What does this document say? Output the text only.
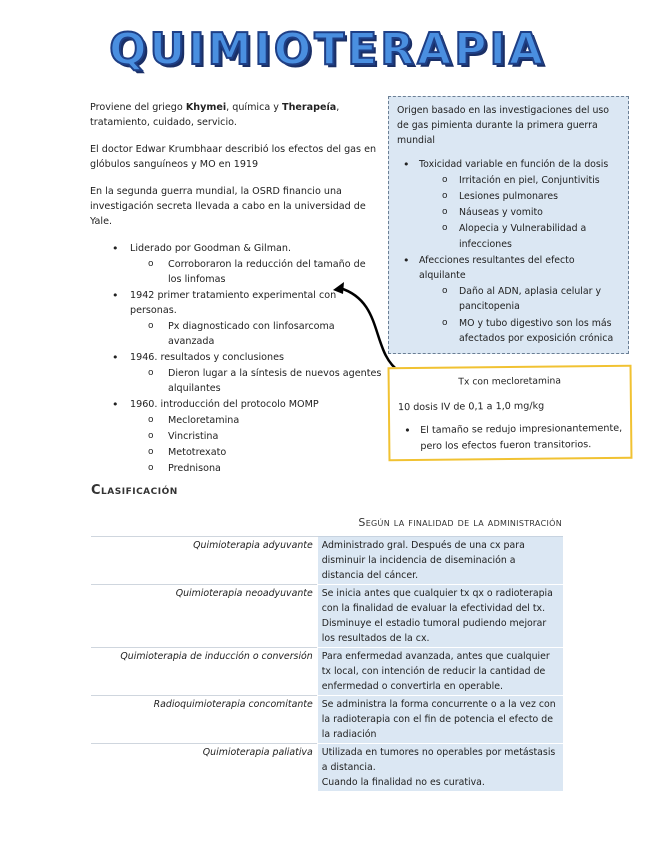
QUIMIOTERAPIA

Proviene del griego Khymei, química y Therapeía, tratamiento, cuidado, servicio.

El doctor Edwar Krumbhaar describió los efectos del gas en glóbulos sanguíneos y MO en 1919

En la segunda guerra mundial, la OSRD financio una investigación secreta llevada a cabo en la universidad de Yale.

• Liderado por Goodman & Gilman.
o Corroboraron la reducción del tamaño de los linfomas
• 1942 primer tratamiento experimental con personas.
o Px diagnosticado con linfosarcoma avanzada
• 1946. resultados y conclusiones
o Dieron lugar a la síntesis de nuevos agentes alquilantes
• 1960. introducción del protocolo MOMP
o Mecloretamina
o Vincristina
o Metotrexato
o Prednisona

Origen basado en las investigaciones del uso de gas pimienta durante la primera guerra mundial

• Toxicidad variable en función de la dosis
o Irritación en piel, Conjuntivitis
o Lesiones pulmonares
o Náuseas y vomito
o Alopecia y Vulnerabilidad a infecciones
• Afecciones resultantes del efecto alquilante
o Daño al ADN, aplasia celular y pancitopenia
o MO y tubo digestivo son los más afectados por exposición crónica
Tx con mecloretamina
10 dosis IV de 0,1 a 1,0 mg/kg
• El tamaño se redujo impresionantemente, pero los efectos fueron transitorios.
Clasificación
Según la finalidad de la administración
Quimioterapia adyuvante	Administrado gral. Después de una cx para disminuir la incidencia de diseminación a distancia del cáncer.
Quimioterapia neoadyuvante	Se inicia antes que cualquier tx qx o radioterapia con la finalidad de evaluar la efectividad del tx. Disminuye el estadio tumoral pudiendo mejorar los resultados de la cx.
Quimioterapia de inducción o conversión	Para enfermedad avanzada, antes que cualquier tx local, con intención de reducir la cantidad de enfermedad o convertirla en operable.
Radioquimioterapia concomitante	Se administra la forma concurrente o a la vez con la radioterapia con el fin de potencia el efecto de la radiación
Quimioterapia paliativa	Utilizada en tumores no operables por metástasis a distancia.
Cuando la finalidad no es curativa.
